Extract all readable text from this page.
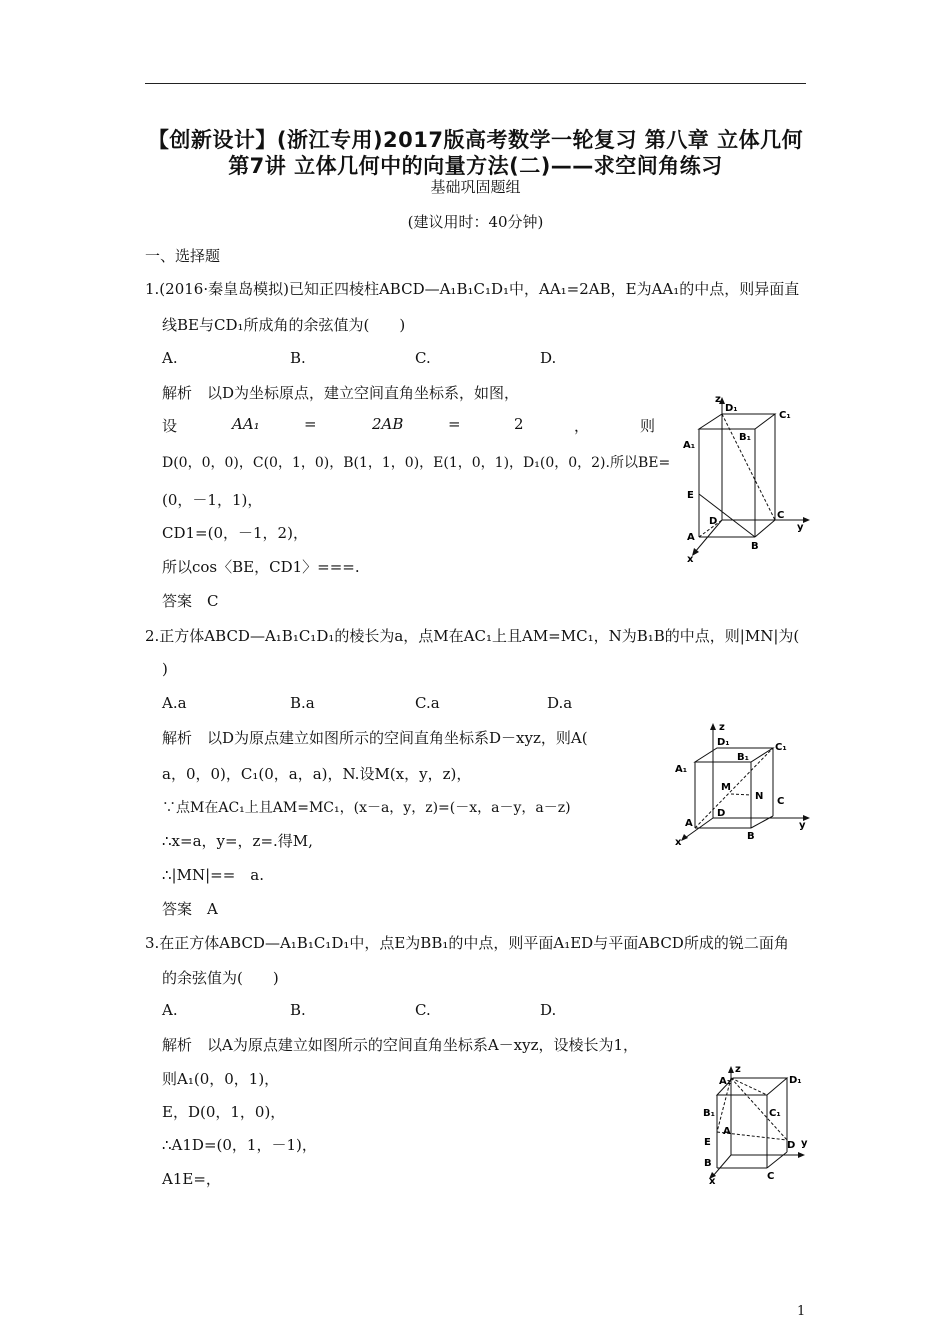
【创新设计】(浙江专用)2017版高考数学一轮复习 第八章 立体几何
第7讲 立体几何中的向量方法(二)——求空间角练习
基础巩固题组
(建议用时：40分钟)
一、选择题
1.(2016·秦皇岛模拟)已知正四棱柱ABCD—A₁B₁C₁D₁中，AA₁=2AB，E为AA₁的中点，则异面直
线BE与CD₁所成角的余弦值为(　　)
A.	B.	C.	D.
解析　以D为坐标原点，建立空间直角坐标系，如图，
设	AA₁	=	2AB	=	2	，	则
D(0，0，0)，C(0，1，0)，B(1，1，0)，E(1，0，1)，D₁(0，0，2).所以BE=
(0，－1，1)，
CD1=(0，－1，2)，
所以cos〈BE，CD1〉===.
答案　C
z
D₁
C₁
A₁
B₁
E
D
C
y
A
B
x
2.正方体ABCD—A₁B₁C₁D₁的棱长为a，点M在AC₁上且AM=MC₁，N为B₁B的中点，则|MN|为(
)
A.a	B.a	C.a	D.a
解析　以D为原点建立如图所示的空间直角坐标系D－xyz，则A(
a，0，0)，C₁(0，a，a)，N.设M(x，y，z)，
∵点M在AC₁上且AM=MC₁，(x－a，y，z)=(－x，a－y，a－z)
∴x=a，y=，z=.得M,
∴|MN|==　a.
答案　A
z
D₁	C₁
A₁
B₁
M
N
D
C
y
A
B
x
3.在正方体ABCD—A₁B₁C₁D₁中，点E为BB₁的中点，则平面A₁ED与平面ABCD所成的锐二面角
的余弦值为(　　)
A.	B.	C.	D.
解析　以A为原点建立如图所示的空间直角坐标系A－xyz，设棱长为1，
则A₁(0，0，1)，
E，D(0，1，0)，
∴A1D=(0，1，－1)，
A1E=，
z
A₁	D₁
B₁	C₁
A
E	D y
B
C
x
1
